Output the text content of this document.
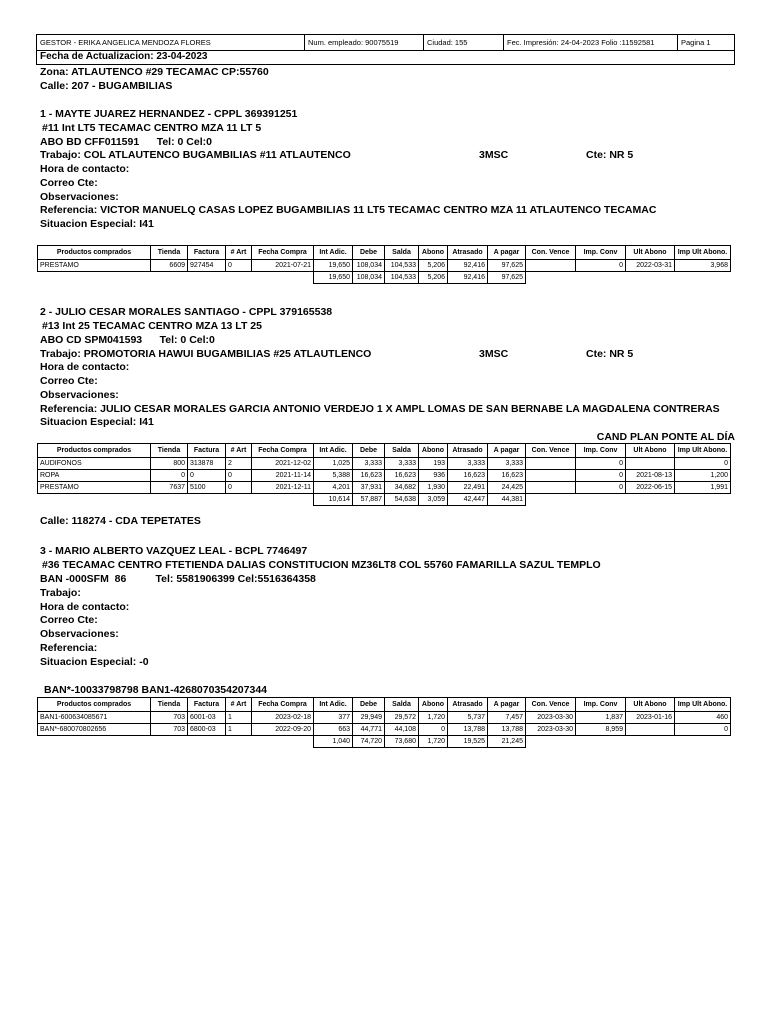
GESTOR - ERIKA ANGELICA MENDOZA FLORES	Num. empleado: 90075519	Ciudad: 155	Fec. Impresión: 24-04-2023 Folio :11592581	Pagina 1
Fecha de Actualizacion: 23-04-2023
Zona: ATLAUTENCO #29 TECAMAC CP:55760
Calle: 207 - BUGAMBILIAS
1 - MAYTE JUAREZ HERNANDEZ - CPPL 369391251
#11 Int LT5 TECAMAC CENTRO MZA 11 LT 5
ABO BD CFF011591      Tel: 0 Cel:0
Trabajo: COL ATLAUTENCO BUGAMBILIAS #11 ATLAUTENCO	3MSC	Cte: NR 5
Hora de contacto:
Correo Cte:
Observaciones:
Referencia: VICTOR MANUELQ CASAS LOPEZ BUGAMBILIAS 11 LT5 TECAMAC CENTRO MZA 11 ATLAUTENCO TECAMAC
Situacion Especial: I41
Productos comprados	Tienda	Factura	# Art	Fecha Compra	Int Adic.	Debe	Salda	Abono	Atrasado	A pagar	Con. Vence	Imp. Conv	Ult Abono	Imp Ult Abono.
PRESTAMO	6609	927454	0	2021-07-21	19,650	108,034	104,533	5,206	92,416	97,625		0	2022-03-31	3,968
					19,650	108,034	104,533	5,206	92,416	97,625				
2 - JULIO CESAR MORALES SANTIAGO - CPPL 379165538
#13 Int 25 TECAMAC CENTRO MZA 13 LT 25
ABO CD SPM041593      Tel: 0 Cel:0
Trabajo: PROMOTORIA HAWUI BUGAMBILIAS #25 ATLAUTLENCO	3MSC	Cte: NR 5
Hora de contacto:
Correo Cte:
Observaciones:
Referencia: JULIO CESAR MORALES GARCIA ANTONIO VERDEJO 1 X AMPL LOMAS DE SAN BERNABE LA MAGDALENA CONTRERAS
Situacion Especial: I41
CAND PLAN PONTE AL DÍA
Productos comprados	Tienda	Factura	# Art	Fecha Compra	Int Adic.	Debe	Salda	Abono	Atrasado	A pagar	Con. Vence	Imp. Conv	Ult Abono	Imp Ult Abono.
AUDIFONOS	800	313878	2	2021-12-02	1,025	3,333	3,333	193	3,333	3,333		0		0
ROPA	0	0	0	2021-11-14	5,388	16,623	16,623	936	16,623	16,623		0	2021-08-13	1,200
PRESTAMO	7637	5100	0	2021-12-11	4,201	37,931	34,682	1,930	22,491	24,425		0	2022-06-15	1,991
					10,614	57,887	54,638	3,059	42,447	44,381				
Calle: 118274 - CDA TEPETATES
3 - MARIO ALBERTO VAZQUEZ LEAL - BCPL 7746497
#36 TECAMAC CENTRO FTETIENDA DALIAS CONSTITUCION MZ36LT8 COL 55760 FAMARILLA SAZUL TEMPLO
BAN -000SFM  86          Tel: 5581906399 Cel:5516364358
Trabajo:
Hora de contacto:
Correo Cte:
Observaciones:
Referencia:
Situacion Especial: -0
BAN*-10033798798 BAN1-4268070354207344
Productos comprados	Tienda	Factura	# Art	Fecha Compra	Int Adic.	Debe	Salda	Abono	Atrasado	A pagar	Con. Vence	Imp. Conv	Ult Abono	Imp Ult Abono.
BAN1-600634085671	703	6001-03	1	2023-02-18	377	29,949	29,572	1,720	5,737	7,457	2023-03-30	1,837	2023-01-16	460
BAN*-680070802656	703	6800-03	1	2022-09-20	663	44,771	44,108	0	13,788	13,788	2023-03-30	8,959		0
					1,040	74,720	73,680	1,720	19,525	21,245				
